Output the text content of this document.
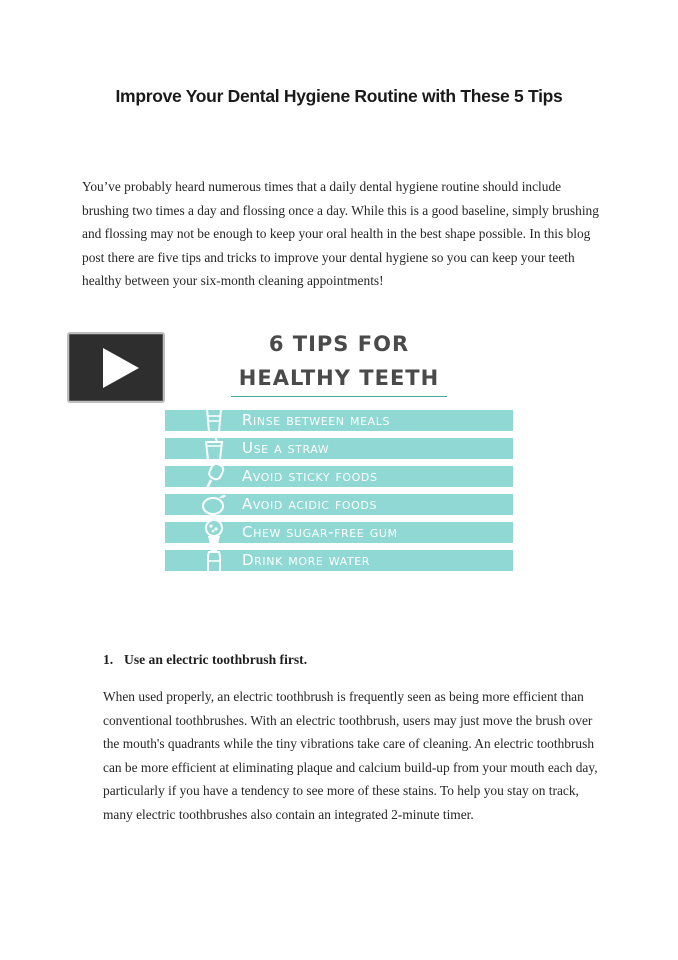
Improve Your Dental Hygiene Routine with These 5 Tips

You’ve probably heard numerous times that a daily dental hygiene routine should include brushing two times a day and flossing once a day. While this is a good baseline, simply brushing and flossing may not be enough to keep your oral health in the best shape possible. In this blog post there are five tips and tricks to improve your dental hygiene so you can keep your teeth healthy between your six-month cleaning appointments!

6 TIPS FOR
HEALTHY TEETH
Rinse between meals
Use a straw
Avoid sticky foods
Avoid acidic foods
Chew sugar-free gum
Drink more water
1. Use an electric toothbrush first.

When used properly, an electric toothbrush is frequently seen as being more efficient than conventional toothbrushes. With an electric toothbrush, users may just move the brush over the mouth's quadrants while the tiny vibrations take care of cleaning. An electric toothbrush can be more efficient at eliminating plaque and calcium build-up from your mouth each day, particularly if you have a tendency to see more of these stains. To help you stay on track, many electric toothbrushes also contain an integrated 2-minute timer.
